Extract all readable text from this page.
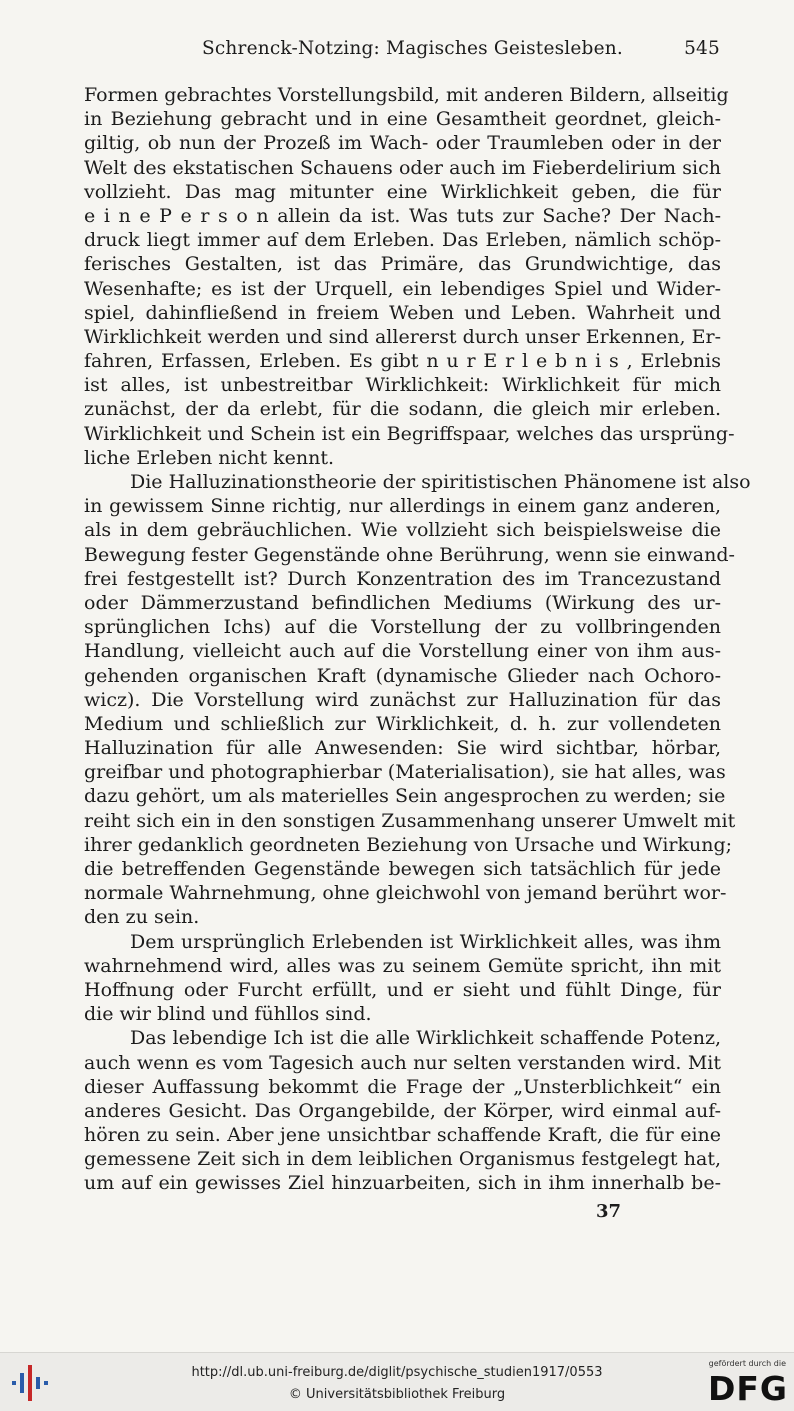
Schrenck-Notzing: Magisches Geistesleben.	545
Formen gebrachtes Vorstellungsbild, mit anderen Bildern, allseitig
in Beziehung gebracht und in eine Gesamtheit geordnet, gleich-
giltig, ob nun der Prozeß im Wach- oder Traumleben oder in der
Welt des ekstatischen Schauens oder auch im Fieberdelirium sich
vollzieht. Das mag mitunter eine Wirklichkeit geben, die für
e i n e P e r s o n allein da ist. Was tuts zur Sache? Der Nach-
druck liegt immer auf dem Erleben. Das Erleben, nämlich schöp-
ferisches Gestalten, ist das Primäre, das Grundwichtige, das
Wesenhafte; es ist der Urquell, ein lebendiges Spiel und Wider-
spiel, dahinfließend in freiem Weben und Leben. Wahrheit und
Wirklichkeit werden und sind allererst durch unser Erkennen, Er-
fahren, Erfassen, Erleben. Es gibt n u r E r l e b n i s , Erlebnis
ist alles, ist unbestreitbar Wirklichkeit: Wirklichkeit für mich
zunächst, der da erlebt, für die sodann, die gleich mir erleben.
Wirklichkeit und Schein ist ein Begriffspaar, welches das ursprüng-
liche Erleben nicht kennt.
Die Halluzinationstheorie der spiritistischen Phänomene ist also
in gewissem Sinne richtig, nur allerdings in einem ganz anderen,
als in dem gebräuchlichen. Wie vollzieht sich beispielsweise die
Bewegung fester Gegenstände ohne Berührung, wenn sie einwand-
frei festgestellt ist? Durch Konzentration des im Trancezustand
oder Dämmerzustand befindlichen Mediums (Wirkung des ur-
sprünglichen Ichs) auf die Vorstellung der zu vollbringenden
Handlung, vielleicht auch auf die Vorstellung einer von ihm aus-
gehenden organischen Kraft (dynamische Glieder nach Ochoro-
wicz). Die Vorstellung wird zunächst zur Halluzination für das
Medium und schließlich zur Wirklichkeit, d. h. zur vollendeten
Halluzination für alle Anwesenden: Sie wird sichtbar, hörbar,
greifbar und photographierbar (Materialisation), sie hat alles, was
dazu gehört, um als materielles Sein angesprochen zu werden; sie
reiht sich ein in den sonstigen Zusammenhang unserer Umwelt mit
ihrer gedanklich geordneten Beziehung von Ursache und Wirkung;
die betreffenden Gegenstände bewegen sich tatsächlich für jede
normale Wahrnehmung, ohne gleichwohl von jemand berührt wor-
den zu sein.
Dem ursprünglich Erlebenden ist Wirklichkeit alles, was ihm
wahrnehmend wird, alles was zu seinem Gemüte spricht, ihn mit
Hoffnung oder Furcht erfüllt, und er sieht und fühlt Dinge, für
die wir blind und fühllos sind.
Das lebendige Ich ist die alle Wirklichkeit schaffende Potenz,
auch wenn es vom Tagesich auch nur selten verstanden wird. Mit
dieser Auffassung bekommt die Frage der „Unsterblichkeit“ ein
anderes Gesicht. Das Organgebilde, der Körper, wird einmal auf-
hören zu sein. Aber jene unsichtbar schaffende Kraft, die für eine
gemessene Zeit sich in dem leiblichen Organismus festgelegt hat,
um auf ein gewisses Ziel hinzuarbeiten, sich in ihm innerhalb be-
37
http://dl.ub.uni-freiburg.de/diglit/psychische_studien1917/0553
© Universitätsbibliothek Freiburg
gefördert durch die
DFG
